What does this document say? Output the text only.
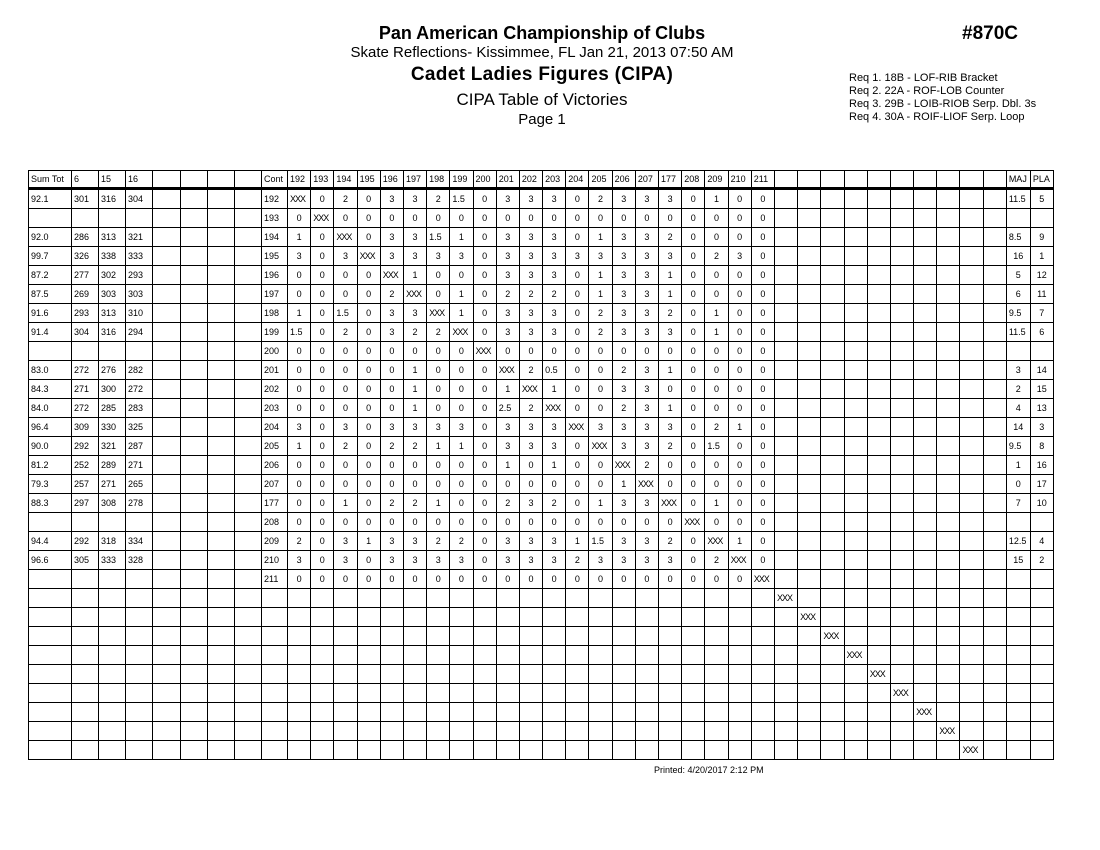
Pan American Championship of Clubs
Skate Reflections- Kissimmee, FL Jan 21, 2013 07:50 AM
Cadet Ladies Figures (CIPA)
CIPA Table of Victories
Page 1
#870C
Req 1. 18B - LOF-RIB Bracket
Req 2. 22A - ROF-LOB Counter
Req 3. 29B - LOIB-RIOB Serp. Dbl. 3s
Req 4. 30A - ROIF-LIOF Serp. Loop
Sum Tot	6	15	16					Cont	192	193	194	195	196	197	198	199	200	201	202	203	204	205	206	207	177	208	209	210	211											MAJ	PLA
92.1	301	316	304					192	XXX	0	2	0	3	3	2	1.5	0	3	3	3	0	2	3	3	3	0	1	0	0											11.5	5
								193	0	XXX	0	0	0	0	0	0	0	0	0	0	0	0	0	0	0	0	0	0	0												
92.0	286	313	321					194	1	0	XXX	0	3	3	1.5	1	0	3	3	3	0	1	3	3	2	0	0	0	0											8.5	9
99.7	326	338	333					195	3	0	3	XXX	3	3	3	3	0	3	3	3	3	3	3	3	3	0	2	3	0											16	1
87.2	277	302	293					196	0	0	0	0	XXX	1	0	0	0	3	3	3	0	1	3	3	1	0	0	0	0											5	12
87.5	269	303	303					197	0	0	0	0	2	XXX	0	1	0	2	2	2	0	1	3	3	1	0	0	0	0											6	11
91.6	293	313	310					198	1	0	1.5	0	3	3	XXX	1	0	3	3	3	0	2	3	3	2	0	1	0	0											9.5	7
91.4	304	316	294					199	1.5	0	2	0	3	2	2	XXX	0	3	3	3	0	2	3	3	3	0	1	0	0											11.5	6
								200	0	0	0	0	0	0	0	0	XXX	0	0	0	0	0	0	0	0	0	0	0	0												
83.0	272	276	282					201	0	0	0	0	0	1	0	0	0	XXX	2	0.5	0	0	2	3	1	0	0	0	0											3	14
84.3	271	300	272					202	0	0	0	0	0	1	0	0	0	1	XXX	1	0	0	3	3	0	0	0	0	0											2	15
84.0	272	285	283					203	0	0	0	0	0	1	0	0	0	2.5	2	XXX	0	0	2	3	1	0	0	0	0											4	13
96.4	309	330	325					204	3	0	3	0	3	3	3	3	0	3	3	3	XXX	3	3	3	3	0	2	1	0											14	3
90.0	292	321	287					205	1	0	2	0	2	2	1	1	0	3	3	3	0	XXX	3	3	2	0	1.5	0	0											9.5	8
81.2	252	289	271					206	0	0	0	0	0	0	0	0	0	1	0	1	0	0	XXX	2	0	0	0	0	0											1	16
79.3	257	271	265					207	0	0	0	0	0	0	0	0	0	0	0	0	0	0	1	XXX	0	0	0	0	0											0	17
88.3	297	308	278					177	0	0	1	0	2	2	1	0	0	2	3	2	0	1	3	3	XXX	0	1	0	0											7	10
								208	0	0	0	0	0	0	0	0	0	0	0	0	0	0	0	0	0	XXX	0	0	0												
94.4	292	318	334					209	2	0	3	1	3	3	2	2	0	3	3	3	1	1.5	3	3	2	0	XXX	1	0											12.5	4
96.6	305	333	328					210	3	0	3	0	3	3	3	3	0	3	3	3	2	3	3	3	3	0	2	XXX	0											15	2
								211	0	0	0	0	0	0	0	0	0	0	0	0	0	0	0	0	0	0	0	0	XXX												
																														XXX											
																															XXX										
																																XXX									
																																	XXX								
																																		XXX							
																																			XXX						
																																				XXX					
																																					XXX				
																																						XXX			
Printed: 4/20/2017 2:12 PM
